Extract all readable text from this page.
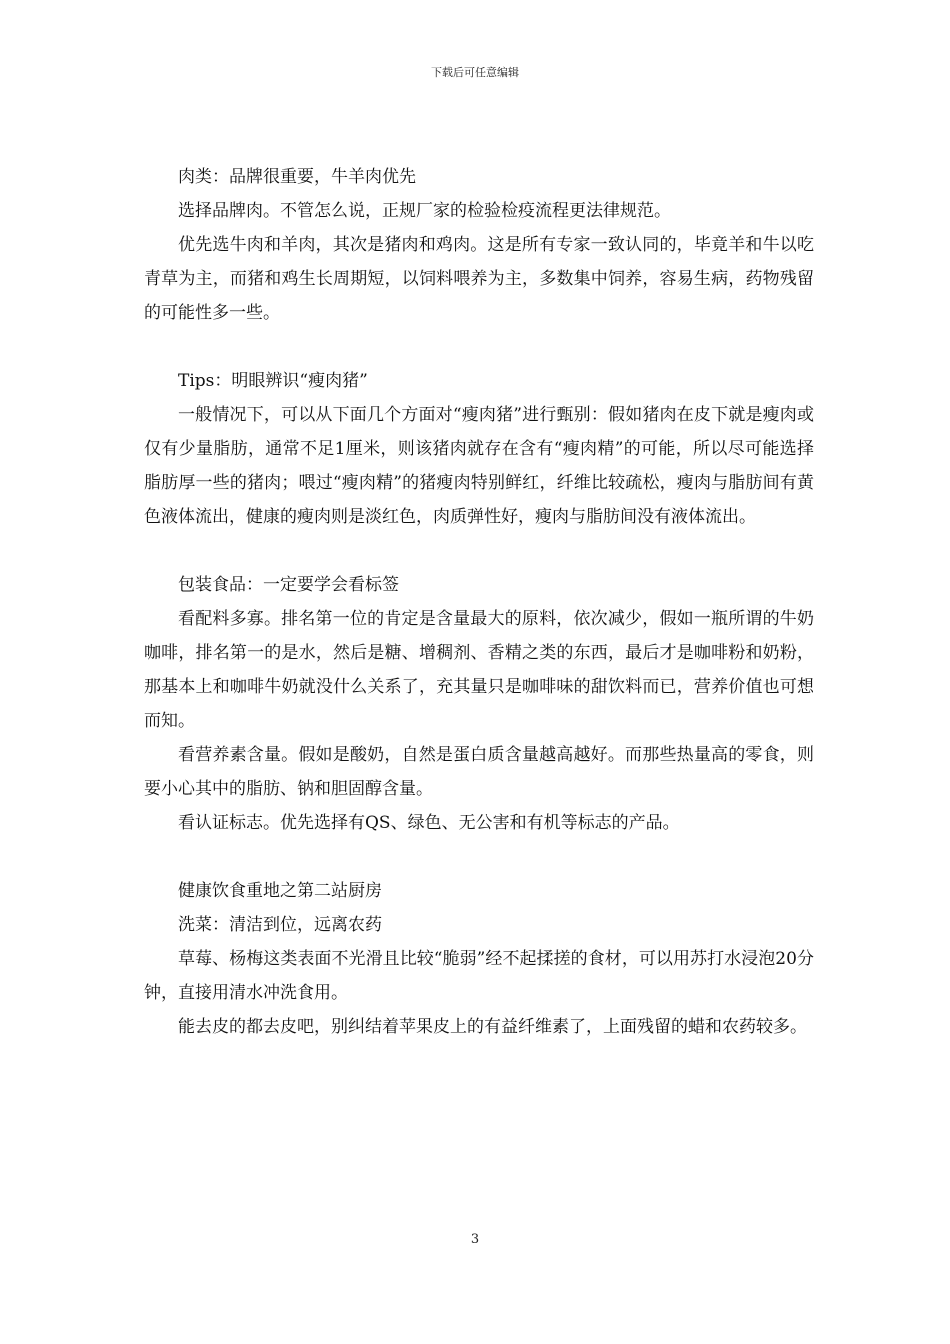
下载后可任意编辑

肉类：品牌很重要，牛羊肉优先

选择品牌肉。不管怎么说，正规厂家的检验检疫流程更法律规范。

优先选牛肉和羊肉，其次是猪肉和鸡肉。这是所有专家一致认同的，毕竟羊和牛以吃青草为主，而猪和鸡生长周期短，以饲料喂养为主，多数集中饲养，容易生病，药物残留的可能性多一些。

Tips：明眼辨识“瘦肉猪”

一般情况下，可以从下面几个方面对“瘦肉猪”进行甄别：假如猪肉在皮下就是瘦肉或仅有少量脂肪，通常不足1厘米，则该猪肉就存在含有“瘦肉精”的可能，所以尽可能选择脂肪厚一些的猪肉；喂过“瘦肉精”的猪瘦肉特别鲜红，纤维比较疏松，瘦肉与脂肪间有黄色液体流出，健康的瘦肉则是淡红色，肉质弹性好，瘦肉与脂肪间没有液体流出。

包装食品：一定要学会看标签

看配料多寡。排名第一位的肯定是含量最大的原料，依次减少，假如一瓶所谓的牛奶咖啡，排名第一的是水，然后是糖、增稠剂、香精之类的东西，最后才是咖啡粉和奶粉，那基本上和咖啡牛奶就没什么关系了，充其量只是咖啡味的甜饮料而已，营养价值也可想而知。

看营养素含量。假如是酸奶，自然是蛋白质含量越高越好。而那些热量高的零食，则要小心其中的脂肪、钠和胆固醇含量。

看认证标志。优先选择有QS、绿色、无公害和有机等标志的产品。

健康饮食重地之第二站厨房

洗菜：清洁到位，远离农药

草莓、杨梅这类表面不光滑且比较“脆弱”经不起揉搓的食材，可以用苏打水浸泡20分钟，直接用清水冲洗食用。

能去皮的都去皮吧，别纠结着苹果皮上的有益纤维素了，上面残留的蜡和农药较多。

3
